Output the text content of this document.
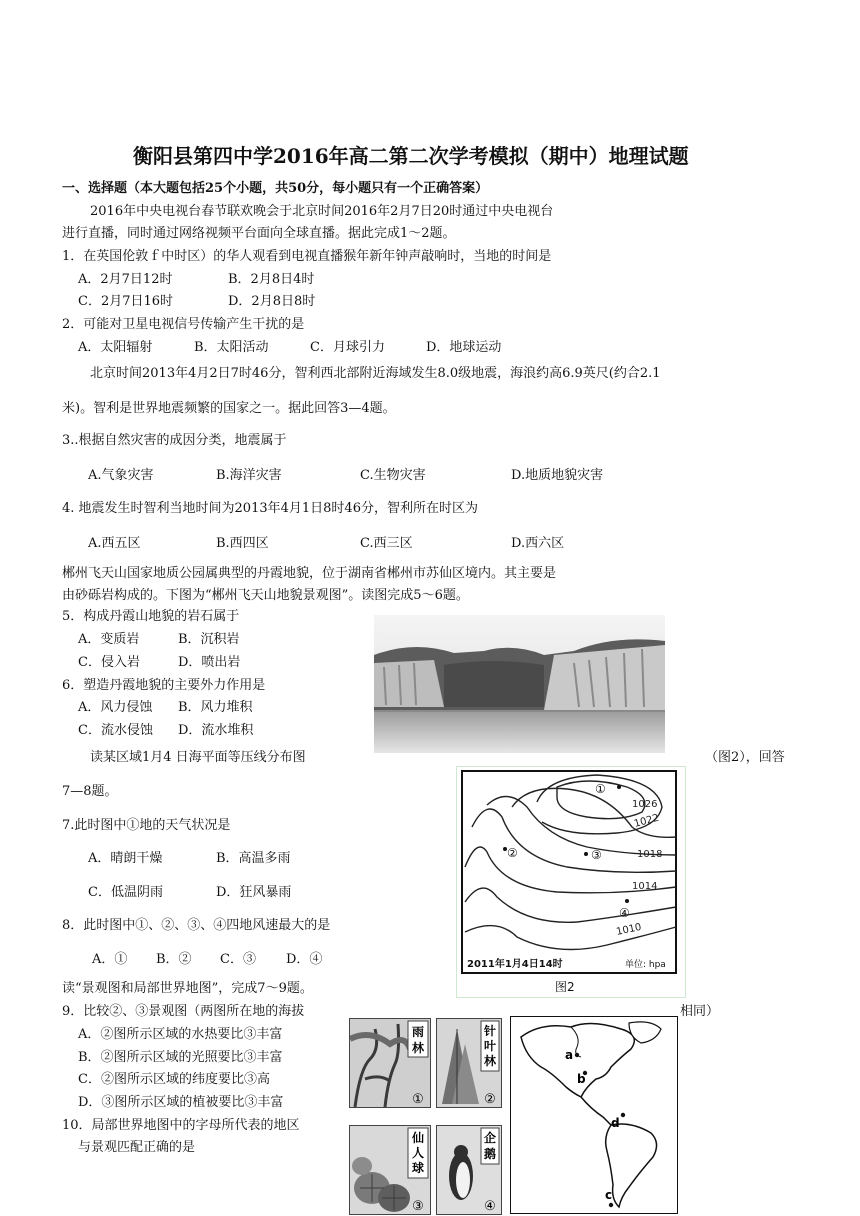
衡阳县第四中学2016年高二第二次学考模拟（期中）地理试题
一、选择题（本大题包括25个小题，共50分，每小题只有一个正确答案）
2016年中央电视台春节联欢晚会于北京时间2016年2月7日20时通过中央电视台
进行直播，同时通过网络视频平台面向全球直播。据此完成1～2题。
1．在英国伦敦ｆ中时区）的华人观看到电视直播猴年新年钟声敲响时，当地的时间是
A．2月7日12时	B．2月8日4时
C．2月7日16时	D．2月8日8时
2．可能对卫星电视信号传输产生干扰的是
A．太阳辐射	B．太阳活动	C．月球引力	D．地球运动
北京时间2013年4月2日7时46分，智利西北部附近海域发生8.0级地震，海浪约高6.9英尺(约合2.1
米)。智利是世界地震频繁的国家之一。据此回答3—4题。
3..根据自然灾害的成因分类，地震属于
A.气象灾害	B.海洋灾害	C.生物灾害	D.地质地貌灾害
4. 地震发生时智利当地时间为2013年4月1日8时46分，智利所在时区为
A.西五区	B.西四区	C.西三区	D.西六区
郴州飞天山国家地质公园属典型的丹霞地貌，位于湖南省郴州市苏仙区境内。其主要是
由砂砾岩构成的。下图为“郴州飞天山地貌景观图”。读图完成5～6题。
5．构成丹霞山地貌的岩石属于
A．变质岩	B．沉积岩
C．侵入岩	D．喷出岩
6．塑造丹霞地貌的主要外力作用是
A．风力侵蚀 B．风力堆积
C．流水侵蚀 D．流水堆积
读某区域1月4 日海平面等压线分布图	（图2），回答
7—8题。
7.此时图中①地的天气状况是
A．晴朗干燥	B．高温多雨
C．低温阴雨	D．狂风暴雨
8．此时图中①、②、③、④四地风速最大的是
A．① B．② C．③ D．④
1026
1022
1018
1014
1010
①
②	③
④
2011年1月4日14时	单位: hpa
图2
读“景观图和局部世界地图”，完成7～9题。
9．比较②、③景观图（两图所在地的海拔	相同）
A．②图所示区域的水热要比③丰富
B．②图所示区域的光照要比③丰富
C．②图所示区域的纬度要比③高
D．③图所示区域的植被要比③丰富
10．局部世界地图中的字母所代表的地区
与景观匹配正确的是
雨
林
①
针
叶
林
②
仙
人
球
③
企
鹅
④
a
b
d
c
